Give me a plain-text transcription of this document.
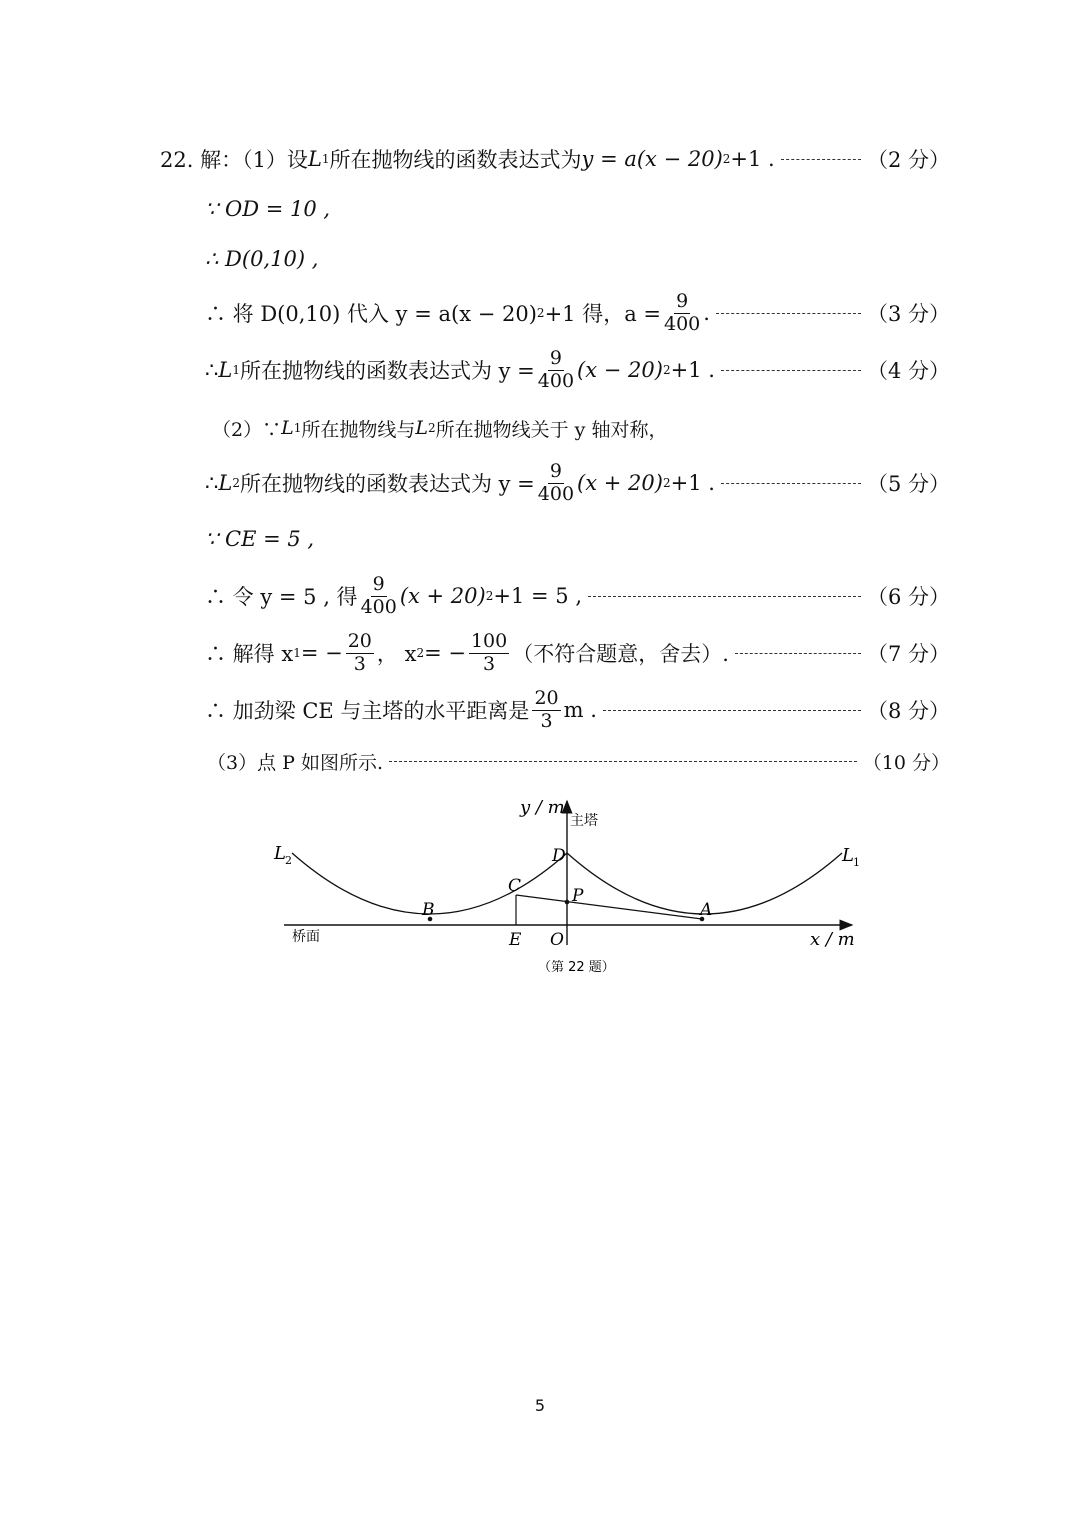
22. 解：（1）设 L 1 所在抛物线的函数表达式为 y = a(x − 20) 2 +1 .	（2 分）
∵ OD = 10 ,
∴ D(0,10) ,
∴ 将 D(0,10) 代入 y = a(x − 20) 2 +1 得，$a = \frac{9}{400}$ .	（3 分）
∴ L 1 所在抛物线的函数表达式为 $y = \frac{9}{400} (x - 20)$ 2 +1 .	（4 分）
（2）∵ L 1 所在抛物线与 L 2 所在抛物线关于 y 轴对称，
∴ L 2 所在抛物线的函数表达式为 $y = \frac{9}{400} (x + 20)$ 2 +1 .	（5 分）
∵ CE = 5 ,
∴ 令 y = 5 , 得 $\frac{9}{400} (x + 20)$ 2 +1 = 5 ,	（6 分）
∴ 解得 x 1 = − $\frac{20}{3}$ ， x 2 = − $\frac{100}{3}$ （不符合题意，舍去）.	（7 分）
∴ 加劲梁 CE 与主塔的水平距离是 $\frac{20}{3}$ m .	（8 分）
（3）点 P 如图所示.	（10 分）
y / m
主塔
x / m
桥面
L 2	L 1
D
C	P
B	A
E O
（第 22 题）
5
